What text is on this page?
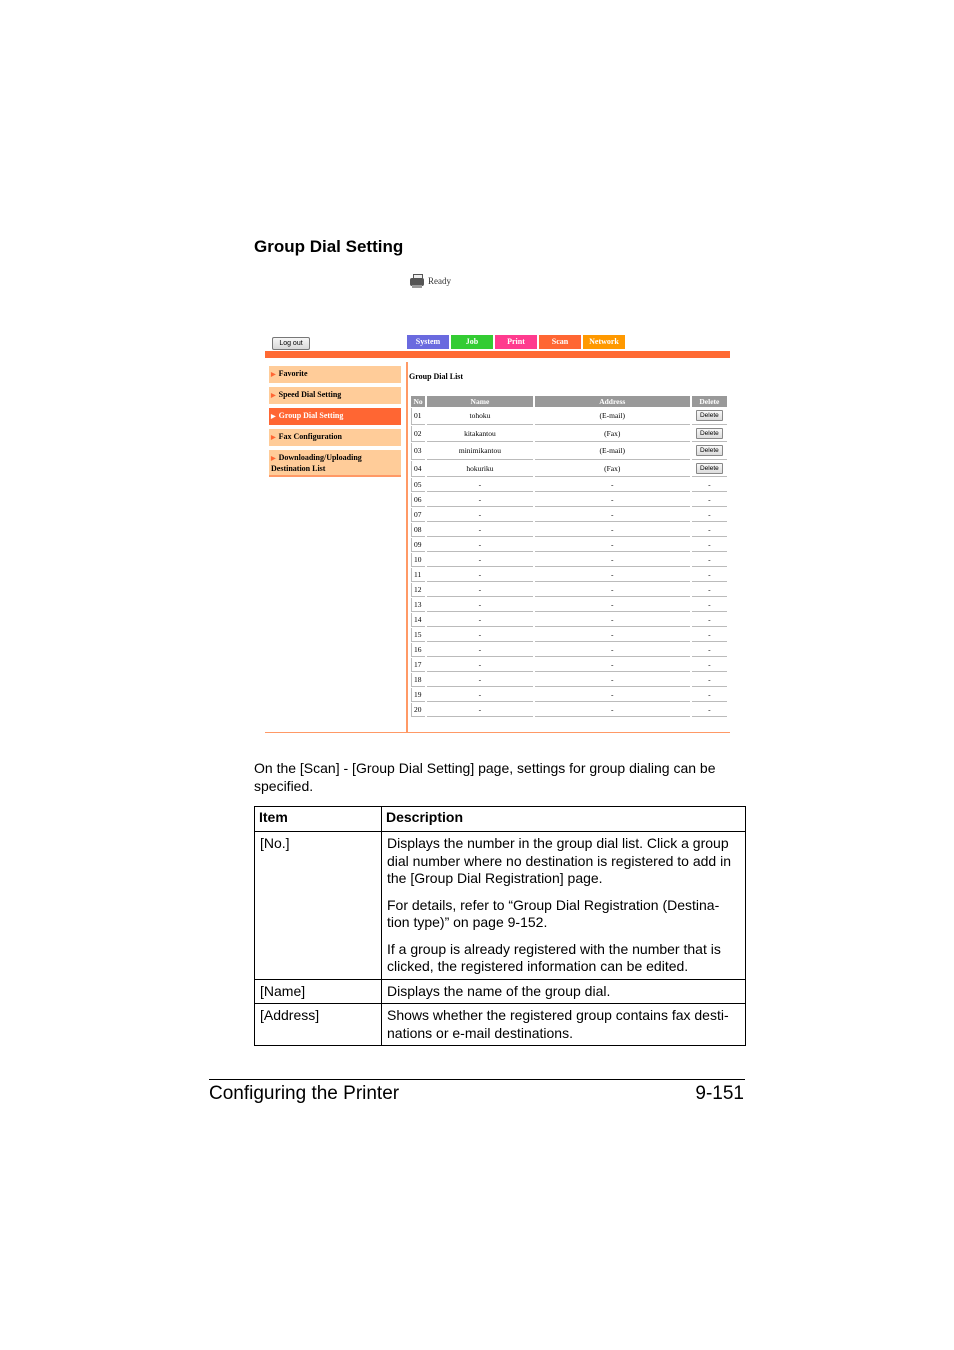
Group Dial Setting
Ready
Log out	System	Job	Print	Scan	Network
▶ Favorite
▶ Speed Dial Setting
▶ Group Dial Setting
▶ Fax Configuration
▶ Downloading/Uploading Destination List
Group Dial List
No	Name	Address	Delete
01	tohoku	(E-mail)	Delete
02	kitakantou	(Fax)	Delete
03	minimikantou	(E-mail)	Delete
04	hokuriku	(Fax)	Delete
05	-	-	-
06	-	-	-
07	-	-	-
08	-	-	-
09	-	-	-
10	-	-	-
11	-	-	-
12	-	-	-
13	-	-	-
14	-	-	-
15	-	-	-
16	-	-	-
17	-	-	-
18	-	-	-
19	-	-	-
20	-	-	-
On the [Scan] - [Group Dial Setting] page, settings for group dialing can be specified.
Item	Description
[No.]	Displays the number in the group dial list. Click a group dial number where no destination is registered to add in the [Group Dial Registration] page.

For details, refer to “Group Dial Registration (Destina-tion type)” on page 9-152.

If a group is already registered with the number that is clicked, the registered information can be edited.

[Name]	Displays the name of the group dial.

[Address]	Shows whether the registered group contains fax desti-nations or e-mail destinations.

Configuring the Printer	9-151
